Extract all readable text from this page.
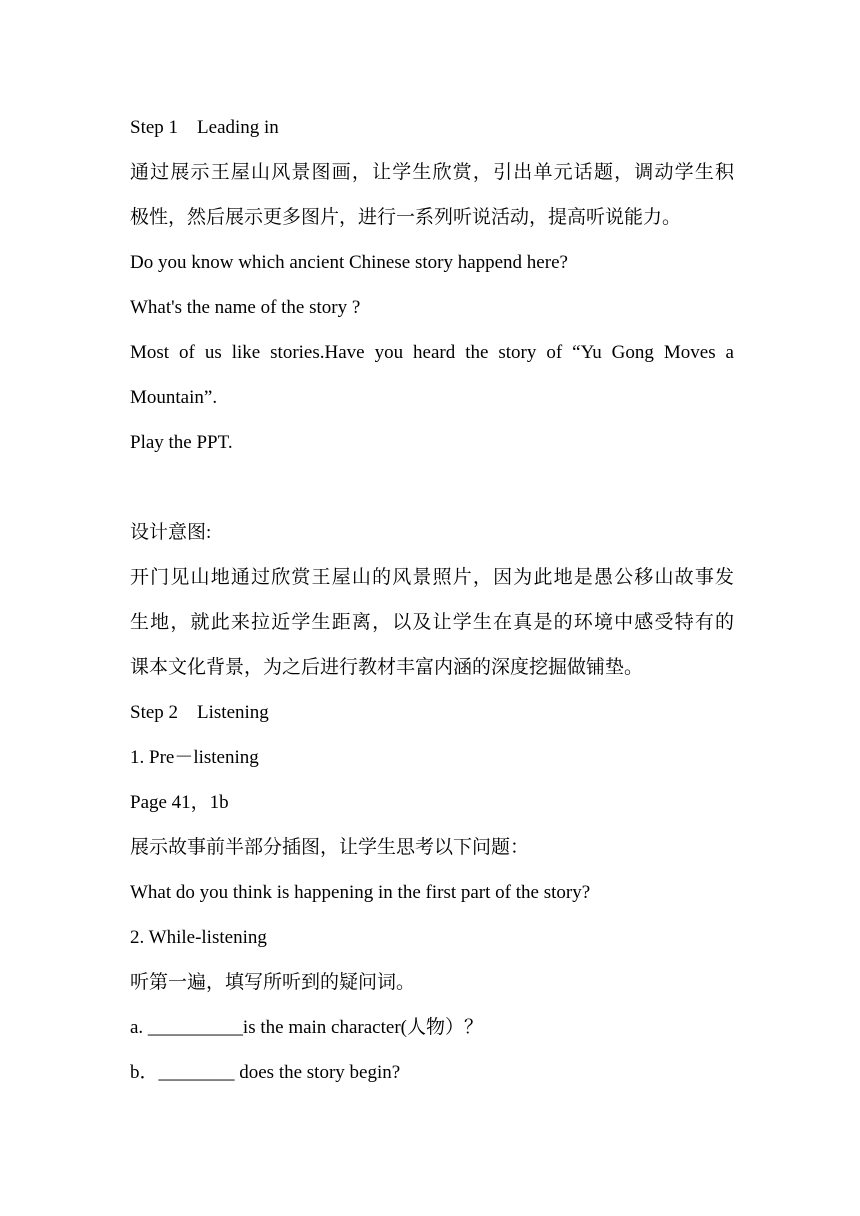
Step 1　Leading in

通过展示王屋山风景图画，让学生欣赏，引出单元话题，调动学生积

极性，然后展示更多图片，进行一系列听说活动，提高听说能力。

Do you know which ancient Chinese story happend here?

What's the name of the story ?

Most of us like stories.Have you heard the story of “Yu Gong Moves a

Mountain”.

Play the PPT.

设计意图:

开门见山地通过欣赏王屋山的风景照片，因为此地是愚公移山故事发

生地，就此来拉近学生距离，以及让学生在真是的环境中感受特有的

课本文化背景，为之后进行教材丰富内涵的深度挖掘做铺垫。

Step 2　Listening

1. Pre－listening

Page 41，1b

展示故事前半部分插图，让学生思考以下问题：

What do you think is happening in the first part of the story?

2. While-listening

听第一遍，填写所听到的疑问词。

a. __________is the main character(人物）？

b．________ does the story begin?
